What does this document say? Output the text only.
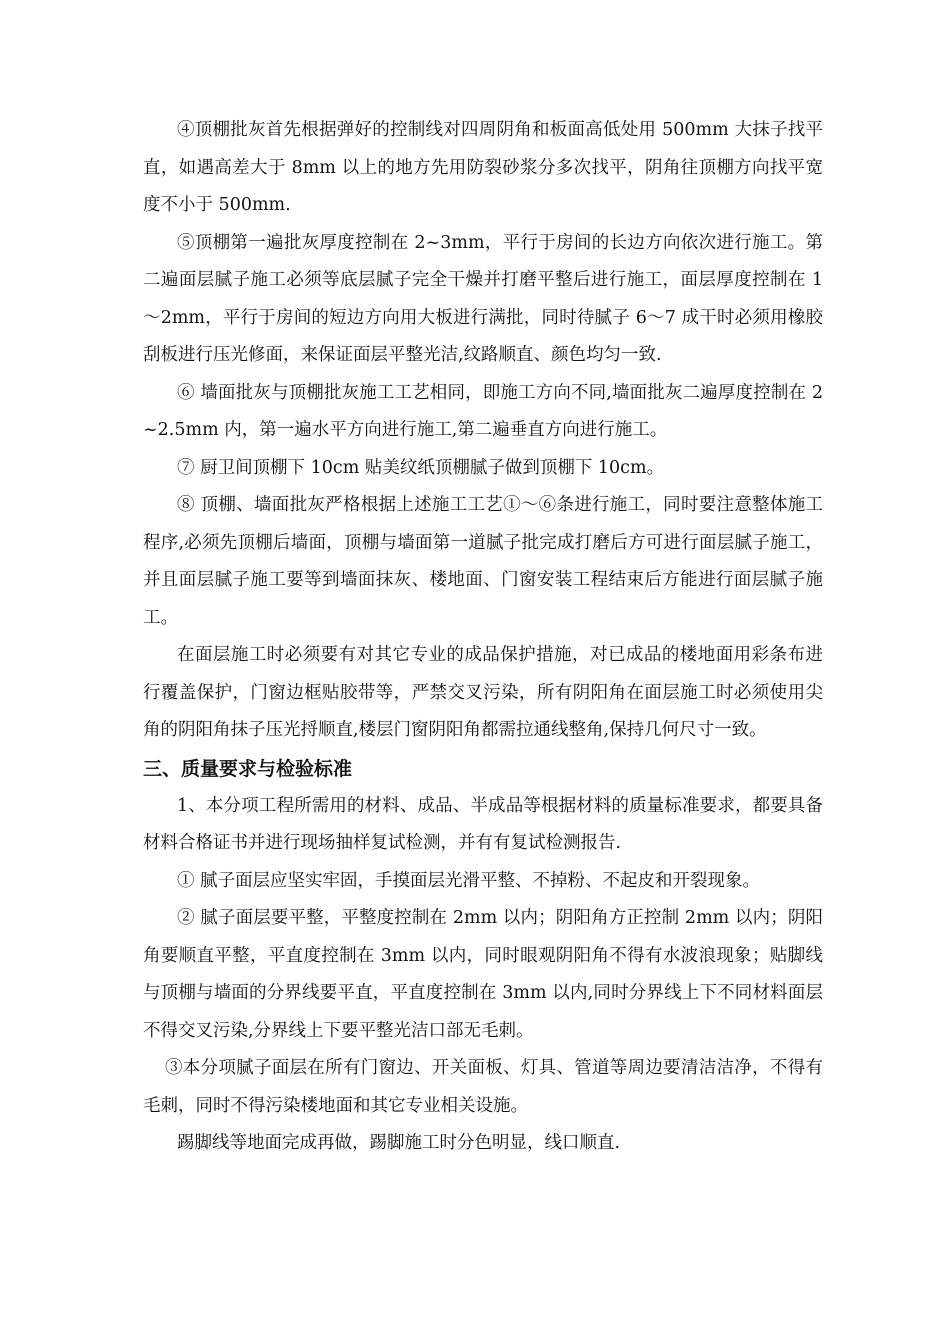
④顶棚批灰首先根据弹好的控制线对四周阴角和板面高低处用 500mm 大抹子找平直，如遇高差大于 8mm 以上的地方先用防裂砂浆分多次找平，阴角往顶棚方向找平宽度不小于 500mm.

⑤顶棚第一遍批灰厚度控制在 2~3mm，平行于房间的长边方向依次进行施工。第二遍面层腻子施工必须等底层腻子完全干燥并打磨平整后进行施工，面层厚度控制在 1～2mm，平行于房间的短边方向用大板进行满批，同时待腻子 6～7 成干时必须用橡胶刮板进行压光修面，来保证面层平整光洁,纹路顺直、颜色均匀一致.

⑥ 墙面批灰与顶棚批灰施工工艺相同，即施工方向不同,墙面批灰二遍厚度控制在 2~2.5mm 内，第一遍水平方向进行施工,第二遍垂直方向进行施工。

⑦ 厨卫间顶棚下 10cm 贴美纹纸顶棚腻子做到顶棚下 10cm。

⑧ 顶棚、墙面批灰严格根据上述施工工艺①～⑥条进行施工，同时要注意整体施工程序,必须先顶棚后墙面，顶棚与墙面第一道腻子批完成打磨后方可进行面层腻子施工，并且面层腻子施工要等到墙面抹灰、楼地面、门窗安装工程结束后方能进行面层腻子施工。

在面层施工时必须要有对其它专业的成品保护措施，对已成品的楼地面用彩条布进行覆盖保护，门窗边框贴胶带等，严禁交叉污染，所有阴阳角在面层施工时必须使用尖角的阴阳角抹子压光捋顺直,楼层门窗阴阳角都需拉通线整角,保持几何尺寸一致。

三、质量要求与检验标准

1、本分项工程所需用的材料、成品、半成品等根据材料的质量标准要求，都要具备材料合格证书并进行现场抽样复试检测，并有有复试检测报告.

① 腻子面层应坚实牢固，手摸面层光滑平整、不掉粉、不起皮和开裂现象。

② 腻子面层要平整，平整度控制在 2mm 以内；阴阳角方正控制 2mm 以内；阴阳角要顺直平整，平直度控制在 3mm 以内，同时眼观阴阳角不得有水波浪现象；贴脚线与顶棚与墙面的分界线要平直，平直度控制在 3mm 以内,同时分界线上下不同材料面层不得交叉污染,分界线上下要平整光洁口部无毛刺。

③本分项腻子面层在所有门窗边、开关面板、灯具、管道等周边要清洁洁净，不得有毛刺，同时不得污染楼地面和其它专业相关设施。

踢脚线等地面完成再做，踢脚施工时分色明显，线口顺直.
